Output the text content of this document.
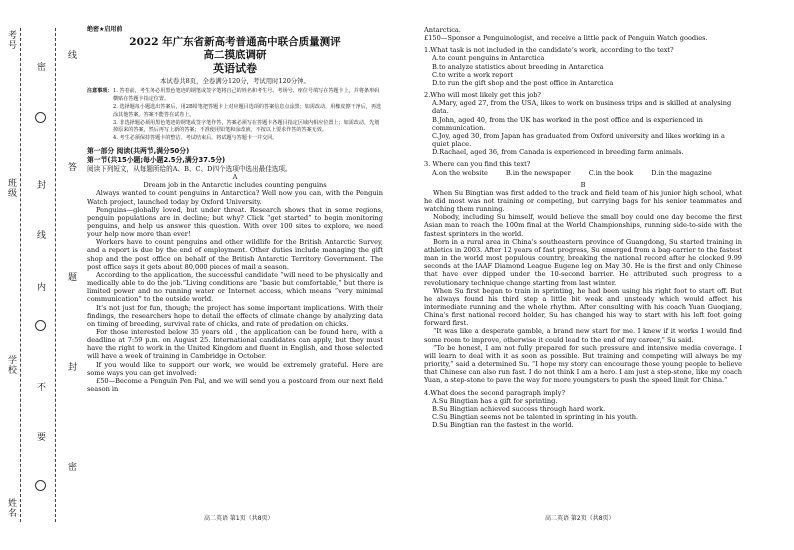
姓名
学校
班级
考号
密
封
线
内
不
要
线
答
题
封
密
绝密★启用前
2022 年广东省新高考普通高中联合质量测评
高二摸底调研
英语试卷
本试卷共8页，全卷满分120分，考试用时120分钟。
注意事项： 1. 答卷前，考生务必用黑色笔迹的钢笔或签字笔将自己的姓名和考生号、考场号、座位号填写在答题卡上，并将条形码横贴在答题卡指定位置。
2. 选择题每小题选出答案后，用2B铅笔把答题卡上对应题目选项的答案信息点涂黑；如需改动，用橡皮擦干净后，再选涂其他答案。答案不能答在试卷上。
3. 非选择题必须用黑色笔迹的钢笔或签字笔作答，答案必须写在答题卡各题目指定区域内相应位置上；如需改动，先划掉原来的答案，然后再写上新的答案；不准使用铅笔和涂改液。不按以上要求作答的答案无效。
4. 考生必须保持答题卡的整洁。考试结束后，将试题与答题卡一并交回。
第一部分 阅读(共两节,满分50分)
第一节(共15小题;每小题2.5分,满分37.5分)
阅读下列短文，从每题所给的A、B、C、D四个选项中选出最佳选项。
A
Dream job in the Antarctic includes counting penguins

Always wanted to count penguins in Antarctica? Well now you can, with the Penguin Watch project, launched today by Oxford University.

Penguins—globally loved, but under threat. Research shows that in some regions, penguin populations are in decline; but why? Click “get started” to begin monitoring penguins, and help us answer this question. With over 100 sites to explore, we need your help now more than ever!

Workers have to count penguins and other wildlife for the British Antarctic Survey, and a report is due by the end of employment. Other duties include managing the gift shop and the post office on behalf of the British Antarctic Territory Government. The post office says it gets about 80,000 pieces of mail a season.

According to the application, the successful candidate “will need to be physically and medically able to do the job.”Living conditions are “basic but comfortable,” but there is limited power and no running water or Internet access, which means “very minimal communication” to the outside world.

It's not just for fun, though; the project has some important implications. With their findings, the researchers hope to detail the effects of climate change by analyzing data on timing of breeding, survival rate of chicks, and rate of predation on chicks.

For those interested below 35 years old , the application can be found here, with a deadline at 7:59 p.m. on August 25. International candidates can apply, but they must have the right to work in the United Kingdom and fluent in English, and those selected will have a week of training in Cambridge in October.

If you would like to support our work, we would be extremely grateful. Here are some ways you can get involved:

£50—Become a Penguin Pen Pal, and we will send you a postcard from our next field season in

Antarctica.
£150—Sponsor a Penguinologist, and receive a little pack of Penguin Watch goodies.
1.What task is not included in the candidate’s work, according to the text?
A.to count penguins in Antarctica
B.to analyze statistics about breeding in Antarctica
C.to write a work report
D.to run the gift shop and the post office in Antarctica
2.Who will most likely get this job?
A.Mary, aged 27, from the USA, likes to work on business trips and is skilled at analysing data.
B.John, aged 40, from the UK has worked in the post office and is experienced in communication.
C.Joy, aged 30, from Japan has graduated from Oxford university and likes working in a quiet place.
D.Rachael, aged 36, from Canada is experienced in breeding farm animals.
3. Where can you find this text?
A.on the website	B.in the newspaper	C.in the book	D.in the magazine
B

When Su Bingtian was first added to the track and field team of his junior high school, what he did most was not training or competing, but carrying bags for his senior teammates and watching them running.

Nobody, including Su himself, would believe the small boy could one day become the first Asian man to reach the 100m final at the World Championships, running side-to-side with the fastest sprinters in the world.

Born in a rural area in China's southeastern province of Guangdong, Su started training in athletics in 2003. After 12 years of fast progress, Su emerged from a bag-carrier to the fastest man in the world most populous country, breaking the national record after he clocked 9.99 seconds at the IAAF Diamond League Eugene leg on May 30. He is the first and only Chinese that have ever dipped under the 10-second barrier. He attributed such progress to a revolutionary technique change starting from last winter.

When Su first began to train in sprinting, he had been using his right foot to start off. But he always found his third step a little bit weak and unsteady which would affect his intermediate running and the whole rhythm. After consulting with his coach Yuan Guoqiang, China's first national record holder, Su has changed his way to start with his left foot going forward first.

“It was like a desperate gamble, a brand new start for me. I knew if it works I would find some room to improve, otherwise it could lead to the end of my career,” Su said.

“To be honest, I am not fully prepared for such pressure and intensive media coverage. I will learn to deal with it as soon as possible. But training and competing will always be my priority,” said a determined Su. “I hope my story can encourage those young people to believe that Chinese can also run fast. I do not think I am a hero. I am just a step-stone, like my coach Yuan, a step-stone to pave the way for more youngsters to push the speed limit for China.”

4.What does the second paragraph imply?
A.Su Bingtian has a gift for sprinting.
B.Su Bingtian achieved success through hard work.
C.Su Bingtian seems not be talented in sprinting in his youth.
D.Su Bingtian ran the fastest in the world.
高二英语 第1页（共8页）	高二英语 第2页（共8页）
